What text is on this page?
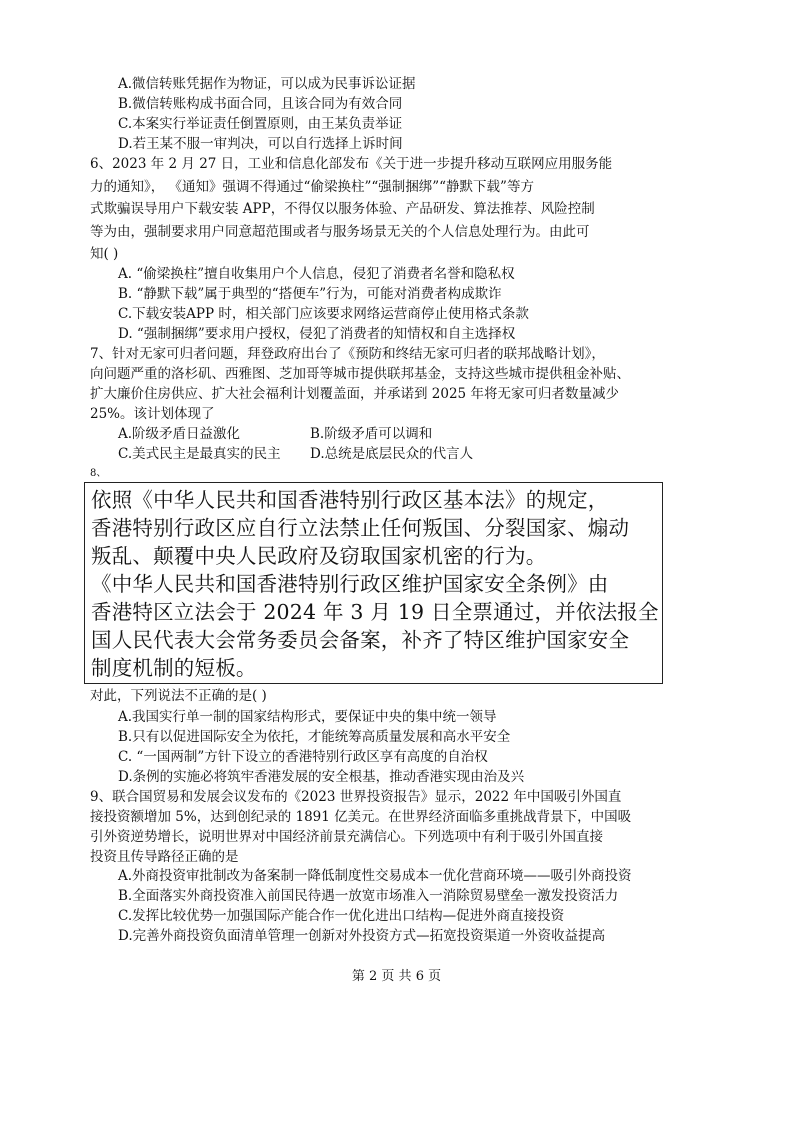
A.微信转账凭据作为物证，可以成为民事诉讼证据
B.微信转账构成书面合同，且该合同为有效合同
C.本案实行举证责任倒置原则，由王某负责举证
D.若王某不服一审判决，可以自行选择上诉时间
6、2023 年 2 月 27 日，工业和信息化部发布《关于进一步提升移动互联网应用服务能
力的通知》， 《通知》强调不得通过“偷梁换柱”“强制捆绑”“静默下载”等方
式欺骗误导用户下载安装 APP，不得仅以服务体验、产品研发、算法推荐、风险控制
等为由，强制要求用户同意超范围或者与服务场景无关的个人信息处理行为。由此可
知( )
A. “偷梁换柱”擅自收集用户个人信息，侵犯了消费者名誉和隐私权
B. “静默下载”属于典型的“搭便车”行为，可能对消费者构成欺诈
C.下载安装APP 时，相关部门应该要求网络运营商停止使用格式条款
D. “强制捆绑”要求用户授权，侵犯了消费者的知情权和自主选择权
7、针对无家可归者问题，拜登政府出台了《预防和终结无家可归者的联邦战略计划》，
向问题严重的洛杉矶、西雅图、芝加哥等城市提供联邦基金，支持这些城市提供租金补贴、
扩大廉价住房供应、扩大社会福利计划覆盖面，并承诺到 2025 年将无家可归者数量减少
25%。该计划体现了
A.阶级矛盾日益激化	B.阶级矛盾可以调和
C.美式民主是最真实的民主 D.总统是底层民众的代言人
8、
依照《中华人民共和国香港特别行政区基本法》的规定，
香港特别行政区应自行立法禁止任何叛国、分裂国家、煽动
叛乱、颠覆中央人民政府及窃取国家机密的行为。
《中华人民共和国香港特别行政区维护国家安全条例》由
香港特区立法会于 2024 年 3 月 19 日全票通过，并依法报全
国人民代表大会常务委员会备案，补齐了特区维护国家安全
制度机制的短板。
对此，下列说法不正确的是( )
A.我国实行单一制的国家结构形式，要保证中央的集中统一领导
B.只有以促进国际安全为依托，才能统筹高质量发展和高水平安全
C. “一国两制”方针下设立的香港特别行政区享有高度的自治权
D.条例的实施必将筑牢香港发展的安全根基，推动香港实现由治及兴
9、联合国贸易和发展会议发布的《2023 世界投资报告》显示，2022 年中国吸引外国直
接投资额增加 5%，达到创纪录的 1891 亿美元。在世界经济面临多重挑战背景下，中国吸
引外资逆势增长，说明世界对中国经济前景充满信心。下列选项中有利于吸引外国直接
投资且传导路径正确的是
A.外商投资审批制改为备案制一降低制度性交易成本一优化营商环境——吸引外商投资
B.全面落实外商投资准入前国民待遇一放宽市场准入一消除贸易壁垒一激发投资活力
C.发挥比较优势一加强国际产能合作一优化进出口结构—促进外商直接投资
D.完善外商投资负面清单管理一创新对外投资方式—拓宽投资渠道一外资收益提高
第 2 页 共 6 页
